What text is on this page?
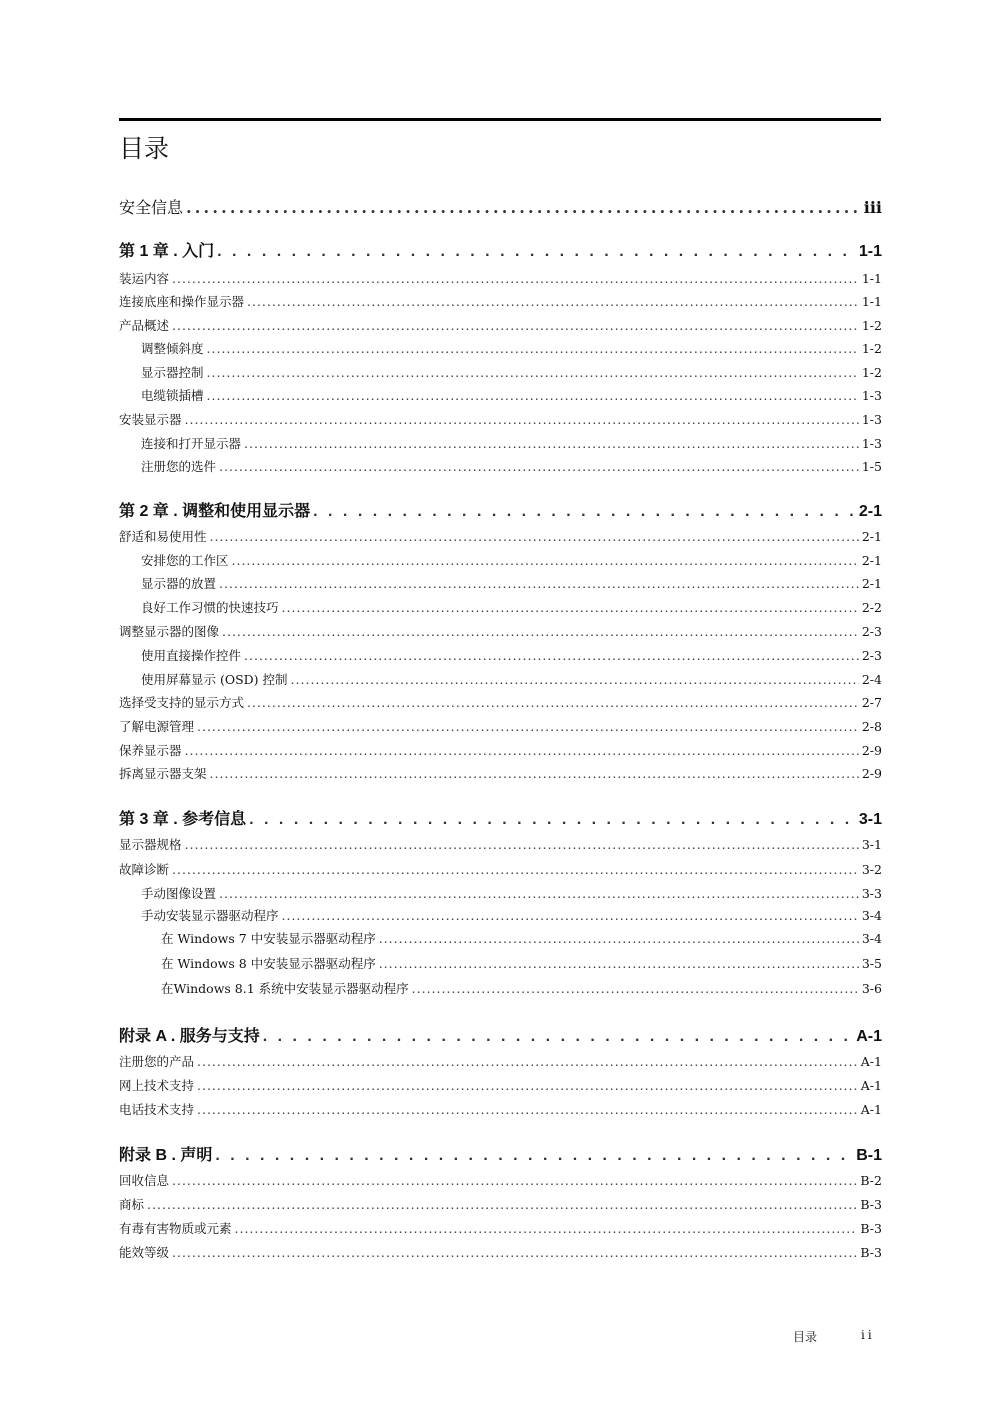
目录
安全信息 .....	iii
第 1 章 . 入门 . . .	1-1
装运内容 .....	1-1
连接底座和操作显示器 .....	1-1
产品概述 .....	1-2
调整倾斜度 .....	1-2
显示器控制 .....	1-2
电缆锁插槽 .....	1-3
安装显示器 .....	1-3
连接和打开显示器 .....	1-3
注册您的选件 .....	1-5
第 2 章 . 调整和使用显示器 . . .	2-1
舒适和易使用性 .....	2-1
安排您的工作区 .....	2-1
显示器的放置 .....	2-1
良好工作习惯的快速技巧 .....	2-2
调整显示器的图像 .....	2-3
使用直接操作控件 .....	2-3
使用屏幕显示 (OSD) 控制 .....	2-4
选择受支持的显示方式 .....	2-7
了解电源管理 .....	2-8
保养显示器 .....	2-9
拆离显示器支架 .....	2-9
第 3 章 . 参考信息 . . .	3-1
显示器规格 .....	3-1
故障诊断 .....	3-2
手动图像设置 .....	3-3
手动安装显示器驱动程序 .....	3-4
在 Windows 7 中安装显示器驱动程序 .....	3-4
在 Windows 8 中安装显示器驱动程序 .....	3-5
在Windows 8.1 系统中安装显示器驱动程序 .....	3-6
附录 A . 服务与支持 . . .	A-1
注册您的产品 .....	A-1
网上技术支持 .....	A-1
电话技术支持 .....	A-1
附录 B . 声明 . . .	B-1
回收信息 .....	B-2
商标 .....	B-3
有毒有害物质或元素 .....	B-3
能效等级 .....	B-3
目录	ii
